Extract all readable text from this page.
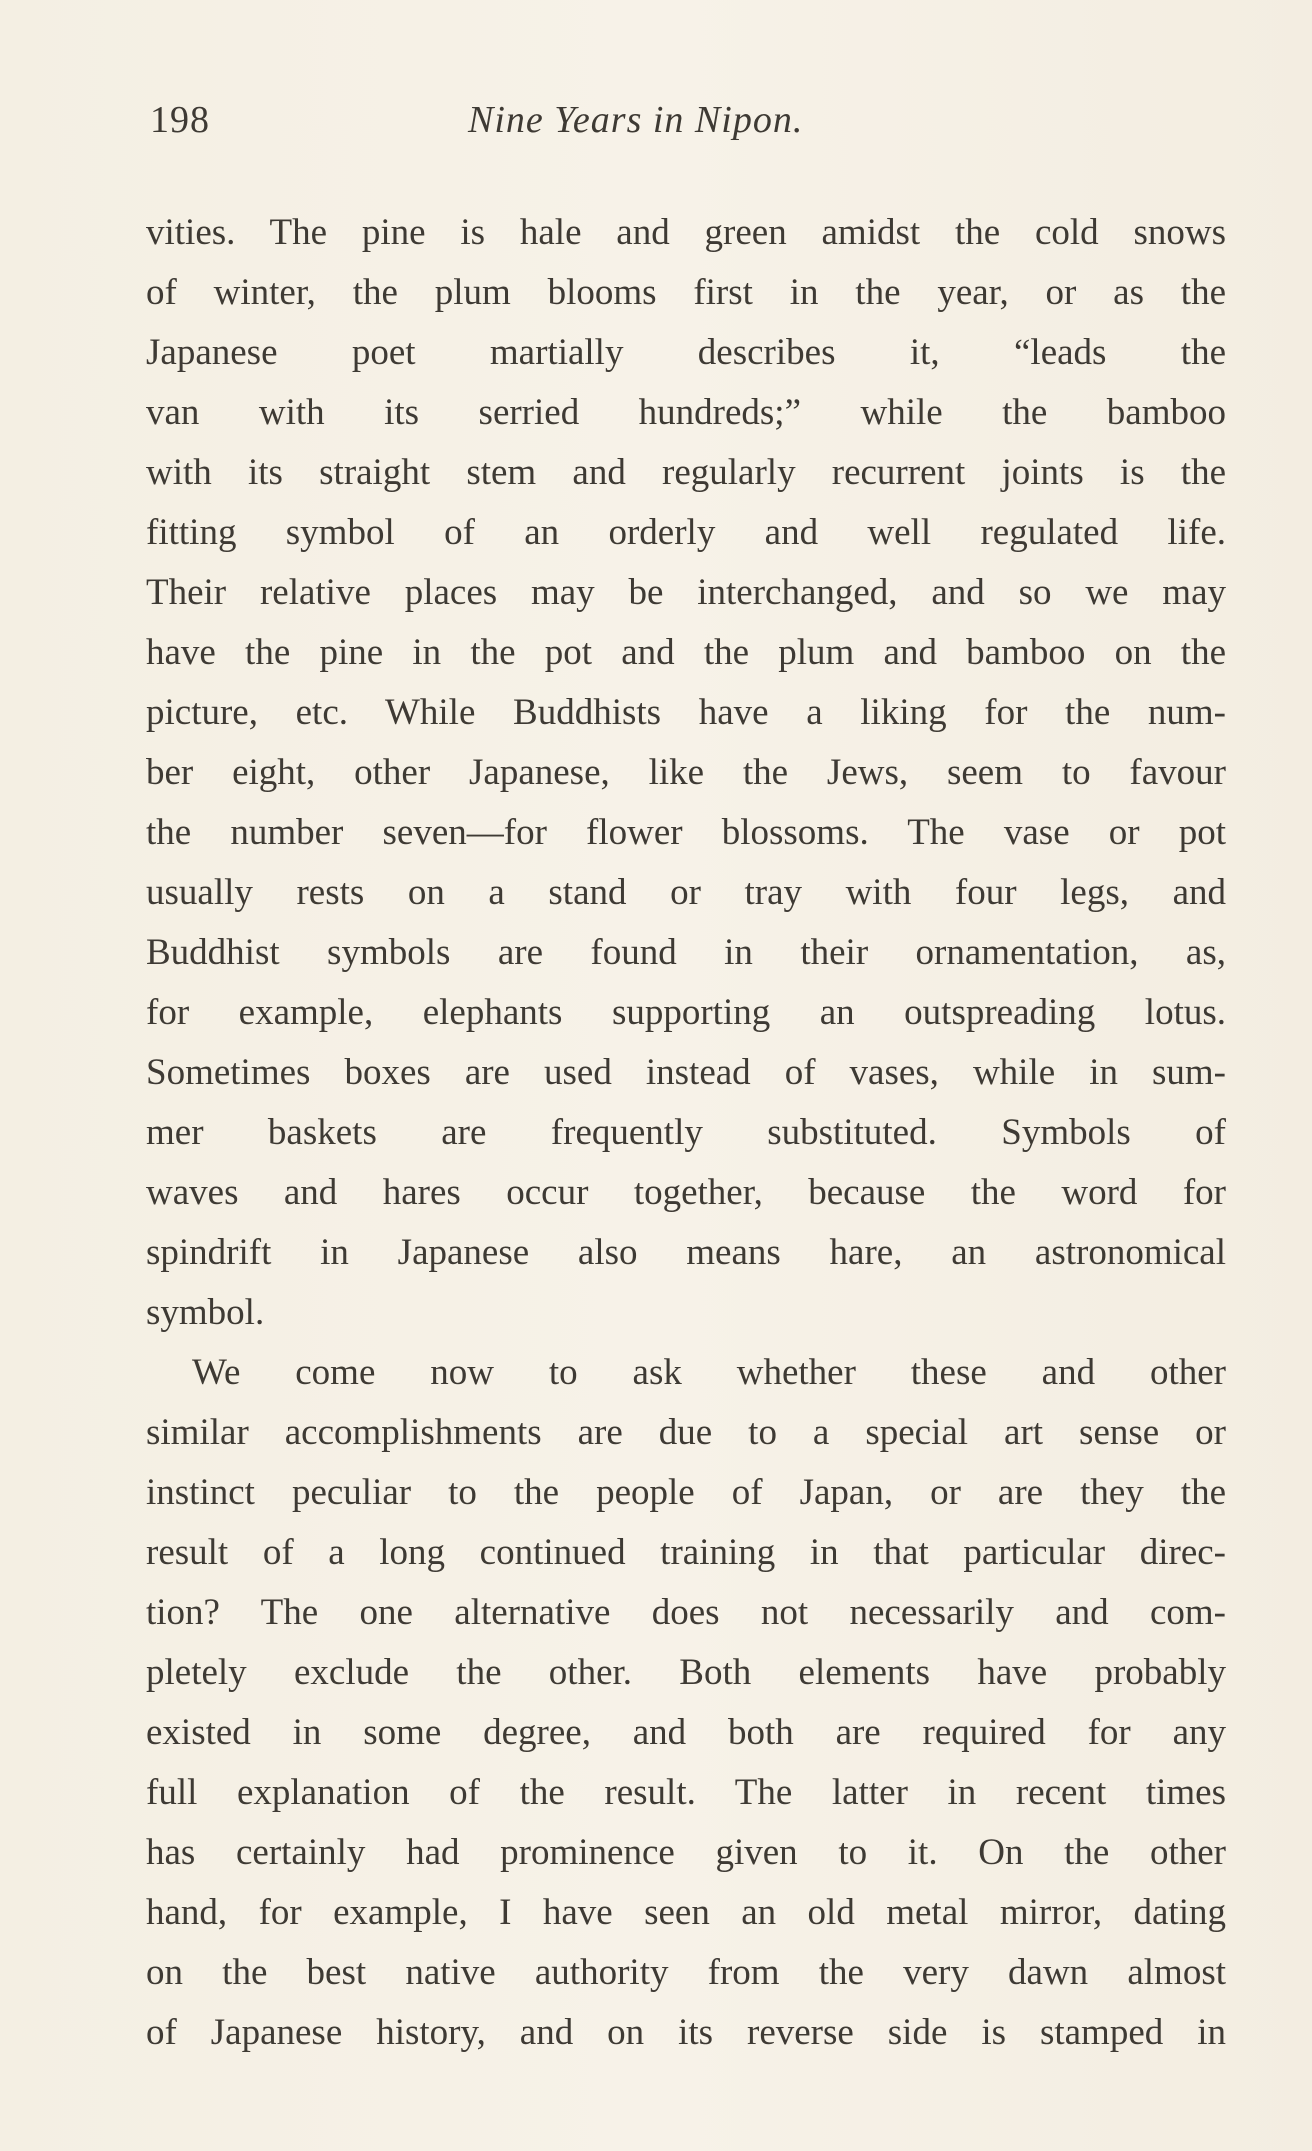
198	Nine Years in Nipon.
vities. The pine is hale and green amidst the cold snows
of winter, the plum blooms first in the year, or as the
Japanese poet martially describes it, “leads the
van with its serried hundreds;” while the bamboo
with its straight stem and regularly recurrent joints is the
fitting symbol of an orderly and well regulated life.
Their relative places may be interchanged, and so we may
have the pine in the pot and the plum and bamboo on the
picture, etc. While Buddhists have a liking for the num-
ber eight, other Japanese, like the Jews, seem to favour
the number seven—for flower blossoms. The vase or pot
usually rests on a stand or tray with four legs, and
Buddhist symbols are found in their ornamentation, as,
for example, elephants supporting an outspreading lotus.
Sometimes boxes are used instead of vases, while in sum-
mer baskets are frequently substituted. Symbols of
waves and hares occur together, because the word for
spindrift in Japanese also means hare, an astronomical
symbol.
We come now to ask whether these and other
similar accomplishments are due to a special art sense or
instinct peculiar to the people of Japan, or are they the
result of a long continued training in that particular direc-
tion? The one alternative does not necessarily and com-
pletely exclude the other. Both elements have probably
existed in some degree, and both are required for any
full explanation of the result. The latter in recent times
has certainly had prominence given to it. On the other
hand, for example, I have seen an old metal mirror, dating
on the best native authority from the very dawn almost
of Japanese history, and on its reverse side is stamped in
